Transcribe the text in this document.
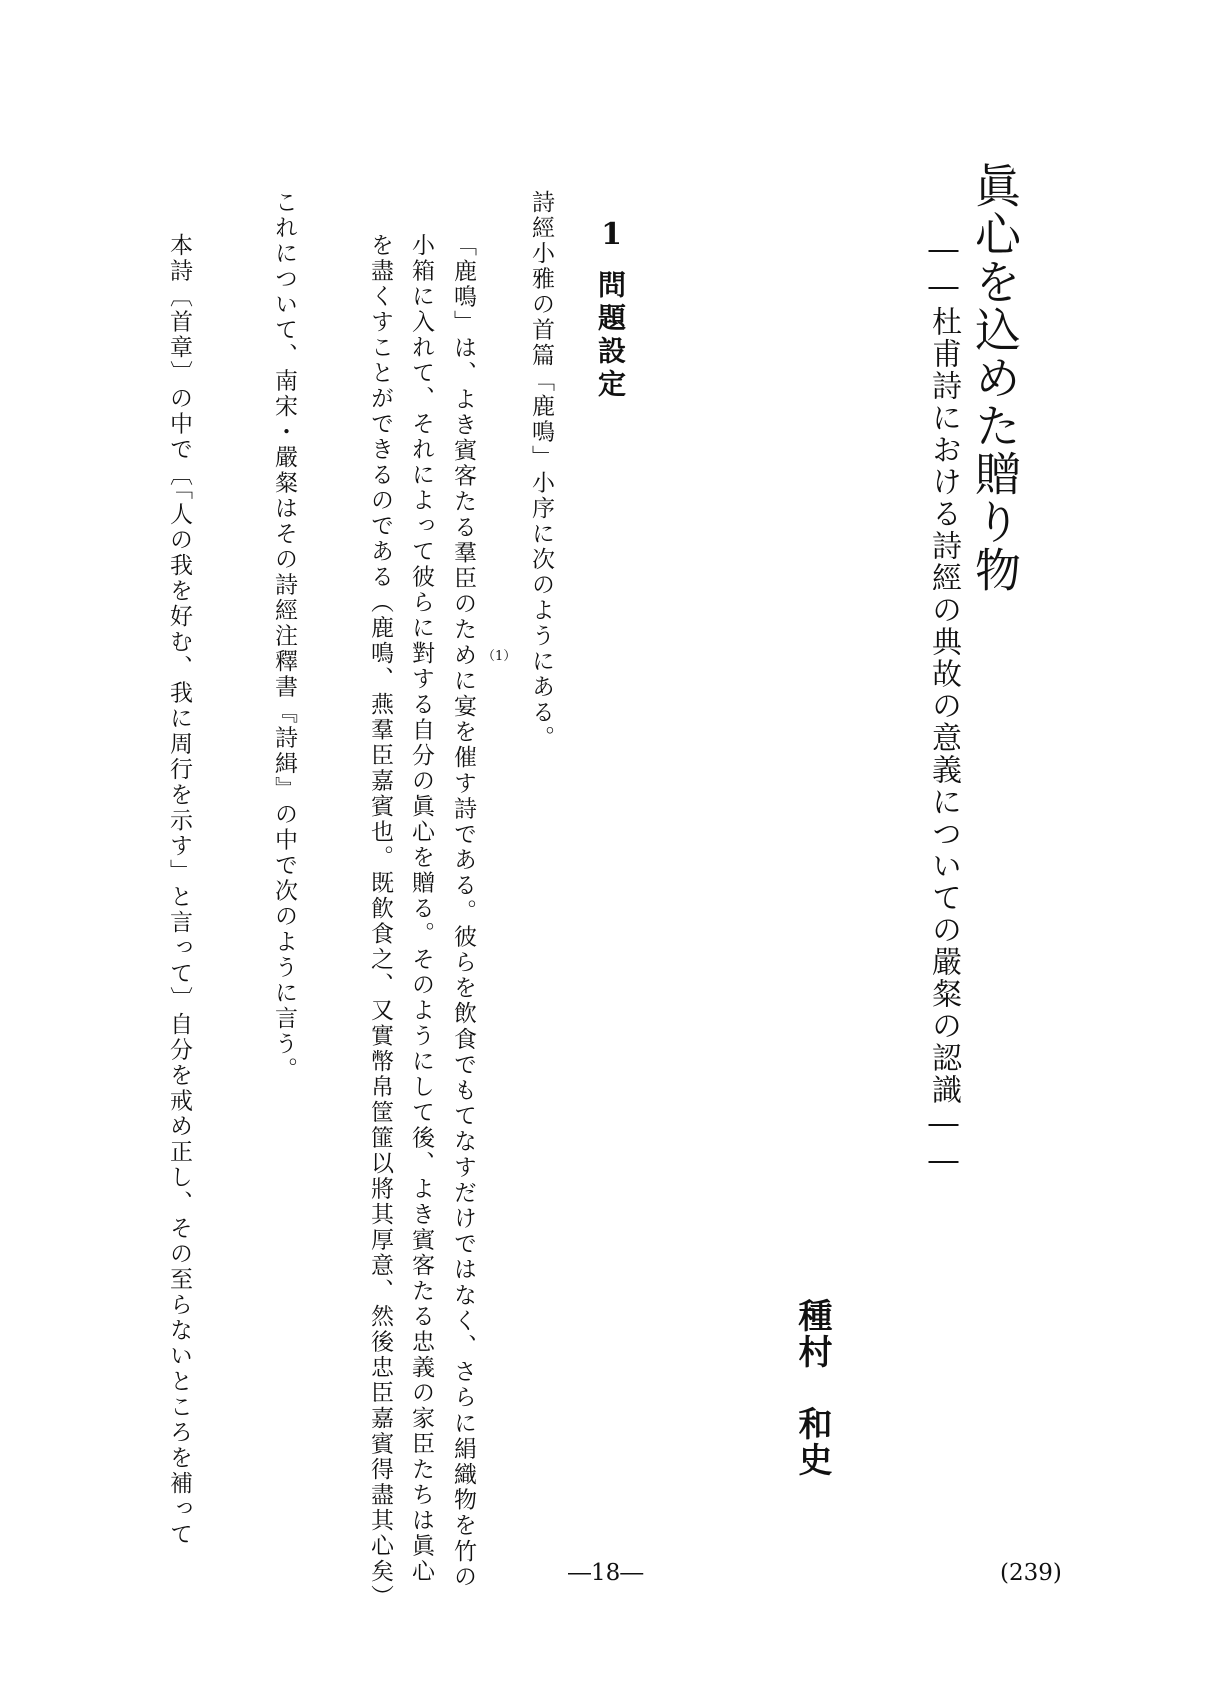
眞心を込めた贈り物
――杜甫詩における詩經の典故の意義についての嚴粲の認識――
種村　和史
1
問題設定
詩經小雅の首篇「鹿鳴」小序に次のようにある。
（1）
「鹿鳴」は、よき賓客たる羣臣のために宴を催す詩である。彼らを飲食でもてなすだけではなく、さらに絹織物を竹の
小箱に入れて、それによって彼らに對する自分の眞心を贈る。そのようにして後、よき賓客たる忠義の家臣たちは眞心
を盡くすことができるのである（鹿鳴、燕羣臣嘉賓也。既飮食之、又實幣帛筐篚以將其厚意、然後忠臣嘉賓得盡其心矣）
これについて、南宋・嚴粲はその詩經注釋書『詩緝』の中で次のように言う。
本詩〔首章〕の中で〔「人の我を好む、我に周行を示す」と言って〕自分を戒め正し、その至らないところを補って
―18―	(239)
